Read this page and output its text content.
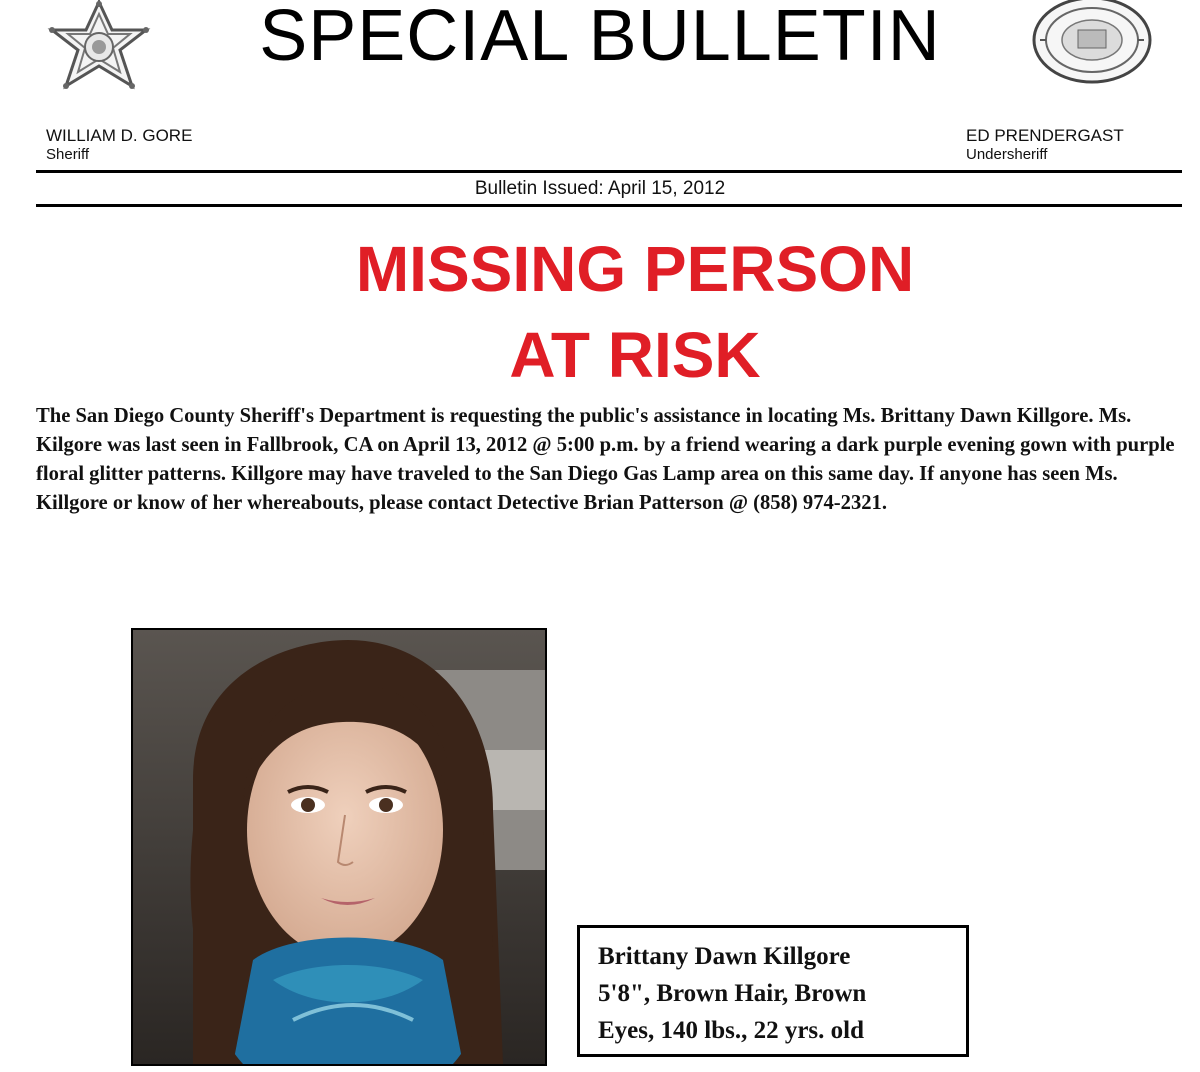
SPECIAL BULLETIN
WILLIAM D. GORE
Sheriff
ED PRENDERGAST
Undersheriff
Bulletin Issued: April 15, 2012
MISSING PERSON
AT RISK
The San Diego County Sheriff's Department is requesting the public's assistance in locating Ms. Brittany Dawn Killgore. Ms. Kilgore was last seen in Fallbrook, CA on April 13, 2012 @ 5:00 p.m. by a friend wearing a dark purple evening gown with purple floral glitter patterns. Killgore may have traveled to the San Diego Gas Lamp area on this same day. If anyone has seen Ms. Killgore or know of her whereabouts, please contact Detective Brian Patterson @ (858) 974-2321.
Brittany Dawn Killgore
5'8", Brown Hair, Brown
Eyes, 140 lbs., 22 yrs. old
